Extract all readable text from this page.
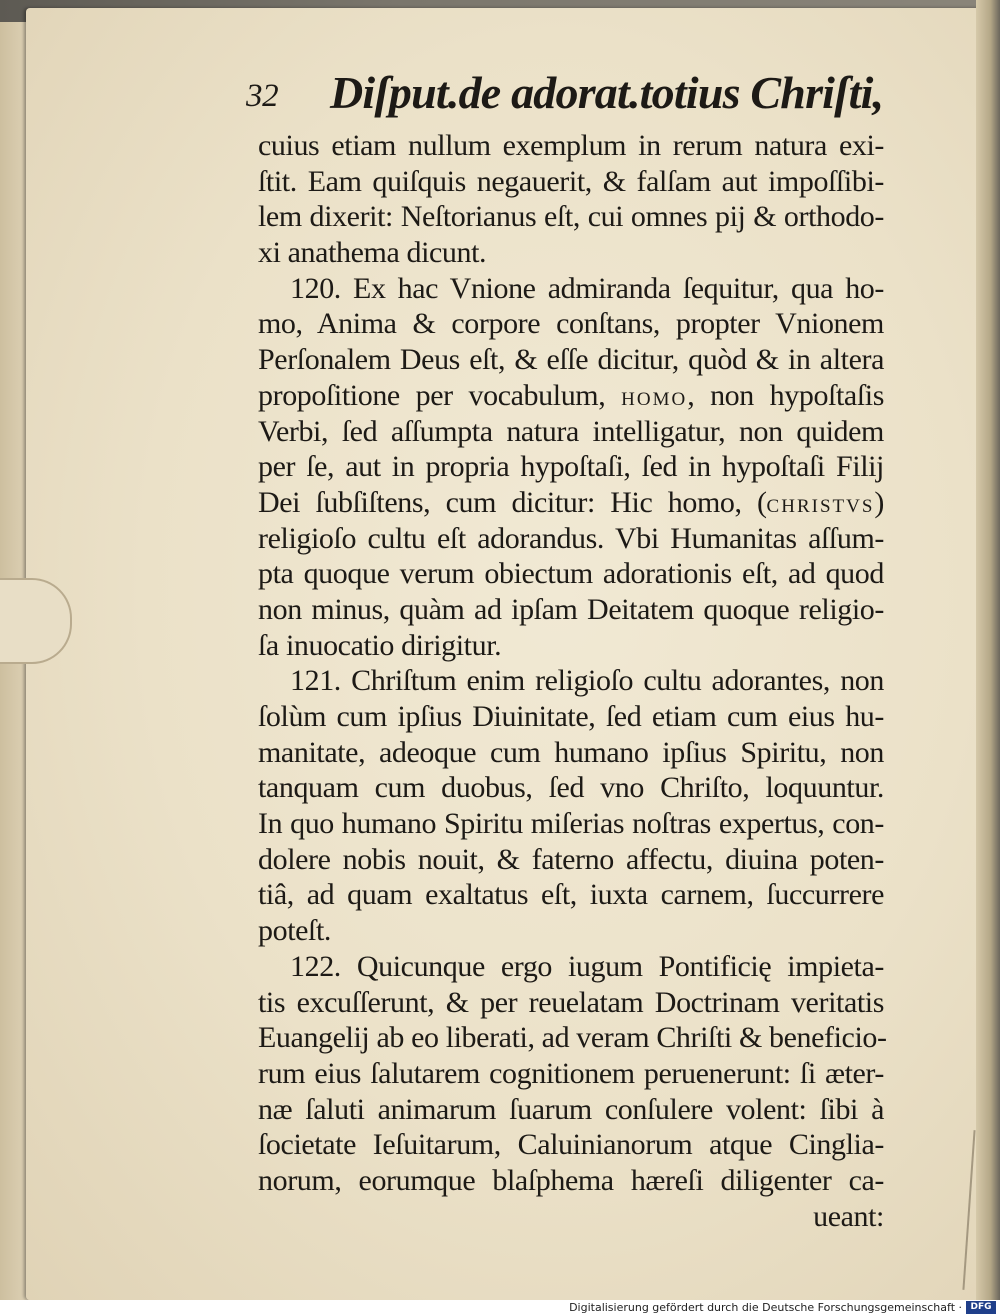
32 Diſput.de adorat.totius Chriſti,
cuius etiam nullum exemplum in rerum natura exi-
ſtit. Eam quiſquis negauerit, & falſam aut impoſſibi-
lem dixerit: Neſtorianus eſt, cui omnes pij & orthodo-
xi anathema dicunt.
120. Ex hac Vnione admiranda ſequitur, qua ho-
mo, Anima & corpore conſtans, propter Vnionem
Perſonalem Deus eſt, & eſſe dicitur, quòd & in altera
propoſitione per vocabulum, HOMO, non hypoſtaſis
Verbi, ſed aſſumpta natura intelligatur, non quidem
per ſe, aut in propria hypoſtaſi, ſed in hypoſtaſi Filij
Dei ſubſiſtens, cum dicitur: Hic homo, (CHRISTVS)
religioſo cultu eſt adorandus. Vbi Humanitas aſſum-
pta quoque verum obiectum adorationis eſt, ad quod
non minus, quàm ad ipſam Deitatem quoque religio-
ſa inuocatio dirigitur.
121. Chriſtum enim religioſo cultu adorantes, non
ſolùm cum ipſius Diuinitate, ſed etiam cum eius hu-
manitate, adeoque cum humano ipſius Spiritu, non
tanquam cum duobus, ſed vno Chriſto, loquuntur.
In quo humano Spiritu miſerias noſtras expertus, con-
dolere nobis nouit, & faterno affectu, diuina poten-
tiâ, ad quam exaltatus eſt, iuxta carnem, ſuccurrere
poteſt.
122. Quicunque ergo iugum Pontificię impieta-
tis excuſſerunt, & per reuelatam Doctrinam veritatis
Euangelij ab eo liberati, ad veram Chriſti & beneficio-
rum eius ſalutarem cognitionem peruenerunt: ſi æter-
næ ſaluti animarum ſuarum conſulere volent: ſibi à
ſocietate Ieſuitarum, Caluinianorum atque Cinglia-
norum, eorumque blaſphema hæreſi diligenter ca-
ueant:
Digitalisierung gefördert durch die Deutsche Forschungsgemeinschaft · DFG
